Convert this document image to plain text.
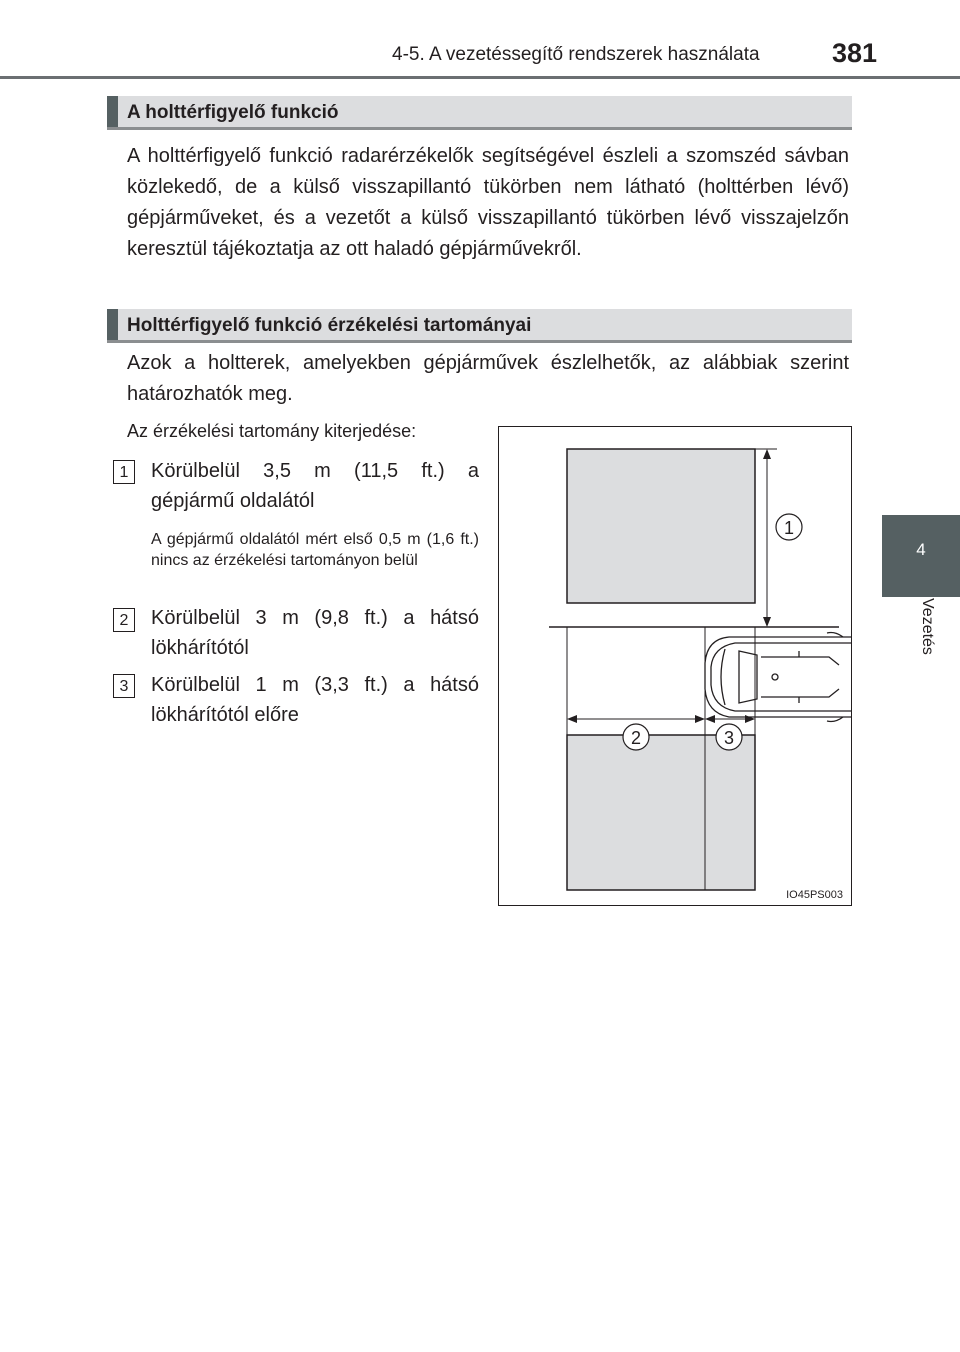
4-5. A vezetéssegítő rendszerek használata	381
4
Vezetés
A holttérfigyelő funkció
A holttérfigyelő funkció radarérzékelők segítségével észleli a szomszéd sávban közlekedő, de a külső visszapillantó tükörben nem látható (holttérben lévő) gépjárműveket, és a vezetőt a külső visszapillantó tükörben lévő visszajelzőn keresztül tájékoztatja az ott haladó gépjárművekről.
Holttérfigyelő funkció érzékelési tartományai
Azok a holtterek, amelyekben gépjárművek észlelhetők, az alábbiak szerint határozhatók meg.
Az érzékelési tartomány kiterjedése:
1	Körülbelül 3,5 m (11,5 ft.) a gépjármű oldalától
A gépjármű oldalától mért első 0,5 m (1,6 ft.) nincs az érzékelési tartományon belül
2	Körülbelül 3 m (9,8 ft.) a hátsó lökhárítótól
3	Körülbelül 1 m (3,3 ft.) a hátsó lökhárítótól előre
1
2	3
IO45PS003
